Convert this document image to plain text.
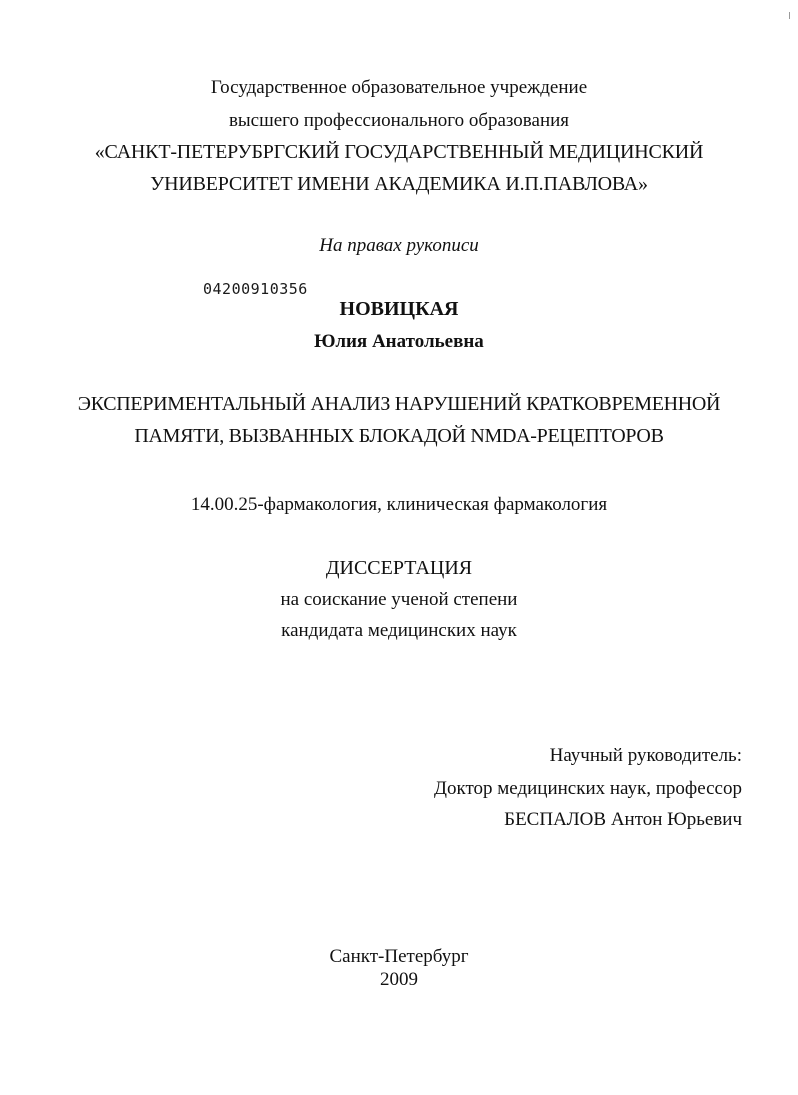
Государственное образовательное учреждение
высшего профессионального образования
«САНКТ-ПЕТЕРУБРГСКИЙ ГОСУДАРСТВЕННЫЙ МЕДИЦИНСКИЙ
УНИВЕРСИТЕТ ИМЕНИ АКАДЕМИКА И.П.ПАВЛОВА»
На правах рукописи
04200910356
НОВИЦКАЯ
Юлия Анатольевна
ЭКСПЕРИМЕНТАЛЬНЫЙ АНАЛИЗ НАРУШЕНИЙ КРАТКОВРЕМЕННОЙ
ПАМЯТИ, ВЫЗВАННЫХ БЛОКАДОЙ NMDA-РЕЦЕПТОРОВ
14.00.25-фармакология, клиническая фармакология
ДИССЕРТАЦИЯ
на соискание ученой степени
кандидата медицинских наук
Научный руководитель:
Доктор медицинских наук, профессор
БЕСПАЛОВ Антон Юрьевич
Санкт-Петербург
2009
